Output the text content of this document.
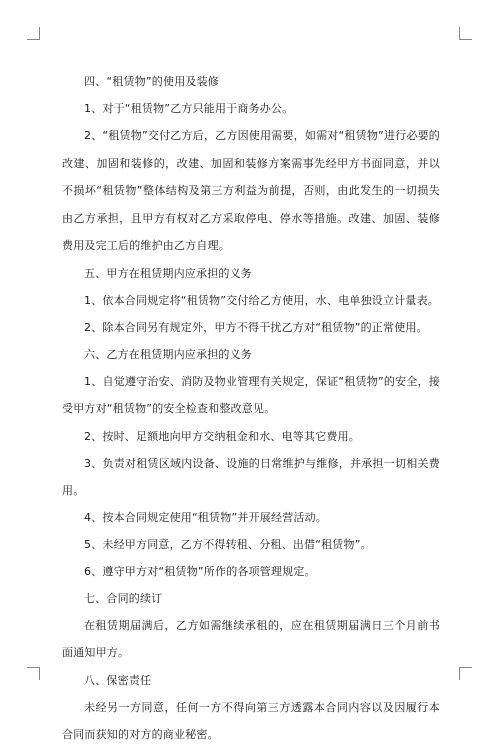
四、“租赁物”的使用及装修

1、对于“租赁物”乙方只能用于商务办公。

2、“租赁物”交付乙方后，乙方因使用需要，如需对“租赁物”进行必要的改建、加固和装修的，改建、加固和装修方案需事先经甲方书面同意，并以不损坏“租赁物”整体结构及第三方利益为前提，否则，由此发生的一切损失由乙方承担，且甲方有权对乙方采取停电、停水等措施。改建、加固、装修费用及完工后的维护由乙方自理。

五、甲方在租赁期内应承担的义务

1、依本合同规定将“租赁物”交付给乙方使用，水、电单独设立计量表。

2、除本合同另有规定外，甲方不得干扰乙方对“租赁物”的正常使用。

六、乙方在租赁期内应承担的义务

1、自觉遵守治安、消防及物业管理有关规定，保证“租赁物”的安全，接受甲方对“租赁物”的安全检查和整改意见。

2、按时、足额地向甲方交纳租金和水、电等其它费用。

3、负责对租赁区域内设备、设施的日常维护与维修，并承担一切相关费用。

4、按本合同规定使用“租赁物”并开展经营活动。

5、未经甲方同意，乙方不得转租、分租、出借“租赁物”。

6、遵守甲方对“租赁物”所作的各项管理规定。

七、合同的续订

在租赁期届满后，乙方如需继续承租的，应在租赁期届满日三个月前书面通知甲方。

八、保密责任

未经另一方同意，任何一方不得向第三方透露本合同内容以及因履行本合同而获知的对方的商业秘密。
